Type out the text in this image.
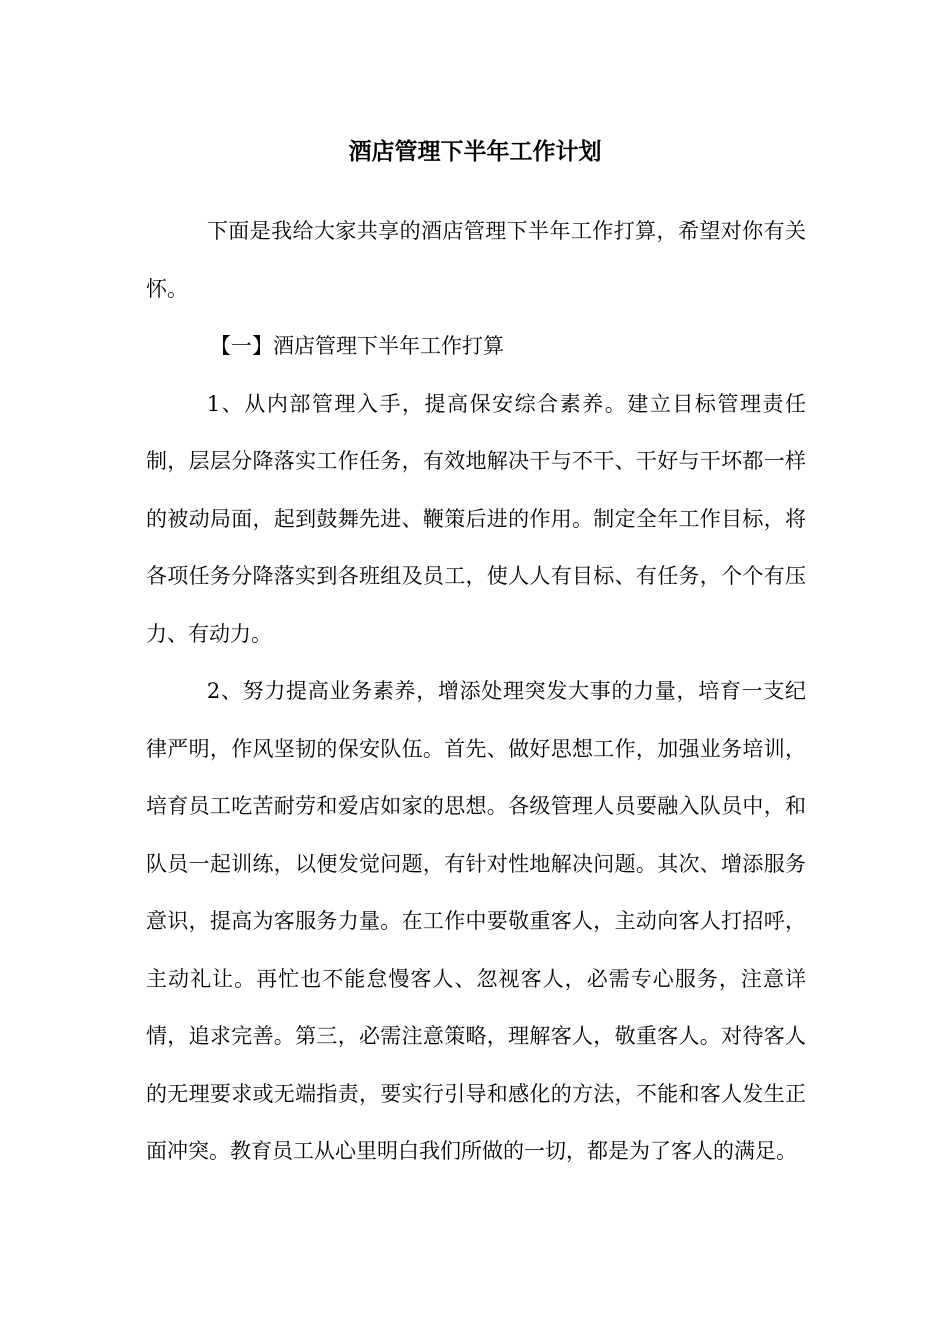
酒店管理下半年工作计划

下面是我给大家共享的酒店管理下半年工作打算，希望对你有关怀。

【一】酒店管理下半年工作打算

1、从内部管理入手，提高保安综合素养。建立目标管理责任制，层层分降落实工作任务，有效地解决干与不干、干好与干坏都一样的被动局面，起到鼓舞先进、鞭策后进的作用。制定全年工作目标，将各项任务分降落实到各班组及员工，使人人有目标、有任务，个个有压力、有动力。

2、努力提高业务素养，增添处理突发大事的力量，培育一支纪律严明，作风坚韧的保安队伍。首先、做好思想工作，加强业务培训，培育员工吃苦耐劳和爱店如家的思想。各级管理人员要融入队员中，和队员一起训练，以便发觉问题，有针对性地解决问题。其次、增添服务意识，提高为客服务力量。在工作中要敬重客人，主动向客人打招呼，主动礼让。再忙也不能怠慢客人、忽视客人，必需专心服务，注意详情，追求完善。第三，必需注意策略，理解客人，敬重客人。对待客人的无理要求或无端指责，要实行引导和感化的方法，不能和客人发生正面冲突。教育员工从心里明白我们所做的一切，都是为了客人的满足。
